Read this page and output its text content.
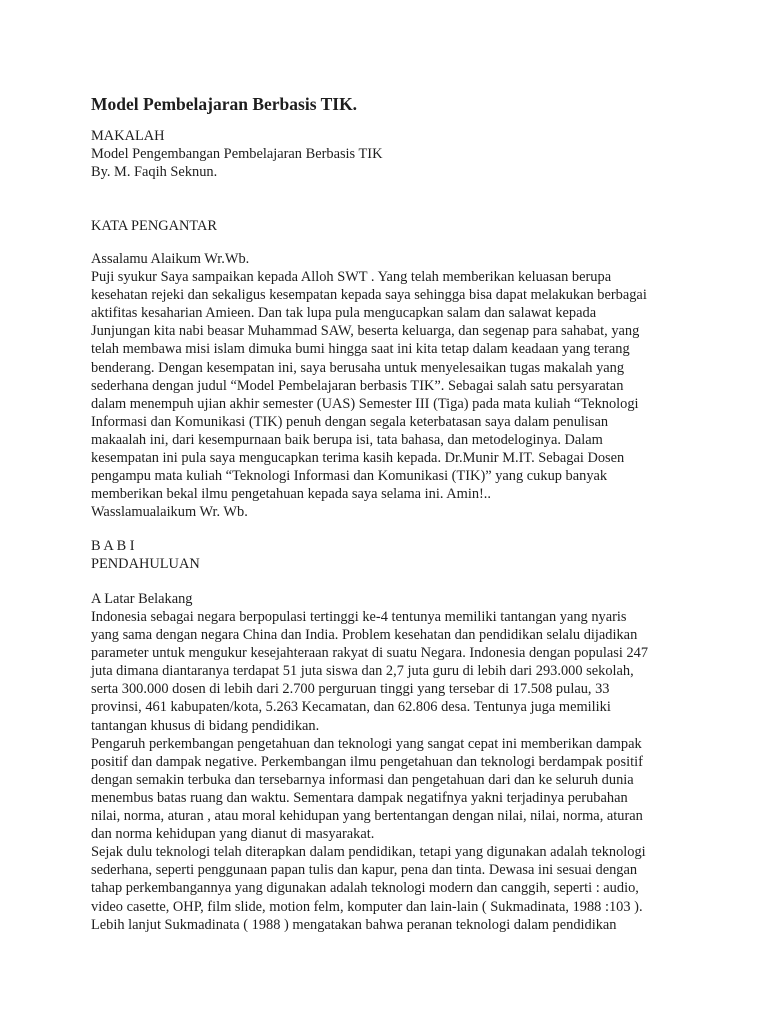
Model Pembelajaran Berbasis TIK.
MAKALAH
Model Pengembangan Pembelajaran Berbasis TIK
By. M. Faqih Seknun.
KATA PENGANTAR
Assalamu Alaikum Wr.Wb.
Puji syukur Saya sampaikan kepada Alloh SWT . Yang telah memberikan keluasan berupa
kesehatan rejeki dan sekaligus kesempatan kepada saya sehingga bisa dapat melakukan berbagai
aktifitas kesaharian Amieen. Dan tak lupa pula mengucapkan salam dan salawat kepada
Junjungan kita nabi beasar Muhammad SAW, beserta keluarga, dan segenap para sahabat, yang
telah membawa misi islam dimuka bumi hingga saat ini kita tetap dalam keadaan yang terang
benderang. Dengan kesempatan ini, saya berusaha untuk menyelesaikan tugas makalah yang
sederhana dengan judul “Model Pembelajaran berbasis TIK”. Sebagai salah satu persyaratan
dalam menempuh ujian akhir semester (UAS) Semester III (Tiga) pada mata kuliah “Teknologi
Informasi dan Komunikasi (TIK) penuh dengan segala keterbatasan saya dalam penulisan
makaalah ini, dari kesempurnaan baik berupa isi, tata bahasa, dan metodeloginya. Dalam
kesempatan ini pula saya mengucapkan terima kasih kepada. Dr.Munir M.IT. Sebagai Dosen
pengampu mata kuliah “Teknologi Informasi dan Komunikasi (TIK)” yang cukup banyak
memberikan bekal ilmu pengetahuan kepada saya selama ini. Amin!..
Wasslamualaikum Wr. Wb.
B A B I
PENDAHULUAN
A Latar Belakang
Indonesia sebagai negara berpopulasi tertinggi ke-4 tentunya memiliki tantangan yang nyaris
yang sama dengan negara China dan India. Problem kesehatan dan pendidikan selalu dijadikan
parameter untuk mengukur kesejahteraan rakyat di suatu Negara. Indonesia dengan populasi 247
juta dimana diantaranya terdapat 51 juta siswa dan 2,7 juta guru di lebih dari 293.000 sekolah,
serta 300.000 dosen di lebih dari 2.700 perguruan tinggi yang tersebar di 17.508 pulau, 33
provinsi, 461 kabupaten/kota, 5.263 Kecamatan, dan 62.806 desa. Tentunya juga memiliki
tantangan khusus di bidang pendidikan.
Pengaruh perkembangan pengetahuan dan teknologi yang sangat cepat ini memberikan dampak
positif dan dampak negative. Perkembangan ilmu pengetahuan dan teknologi berdampak positif
dengan semakin terbuka dan tersebarnya informasi dan pengetahuan dari dan ke seluruh dunia
menembus batas ruang dan waktu. Sementara dampak negatifnya yakni terjadinya perubahan
nilai, norma, aturan , atau moral kehidupan yang bertentangan dengan nilai, nilai, norma, aturan
dan norma kehidupan yang dianut di masyarakat.
Sejak dulu teknologi telah diterapkan dalam pendidikan, tetapi yang digunakan adalah teknologi
sederhana, seperti penggunaan papan tulis dan kapur, pena dan tinta. Dewasa ini sesuai dengan
tahap perkembangannya yang digunakan adalah teknologi modern dan canggih, seperti : audio,
video casette, OHP, film slide, motion felm, komputer dan lain-lain ( Sukmadinata, 1988 :103 ).
Lebih lanjut Sukmadinata ( 1988 ) mengatakan bahwa peranan teknologi dalam pendidikan
